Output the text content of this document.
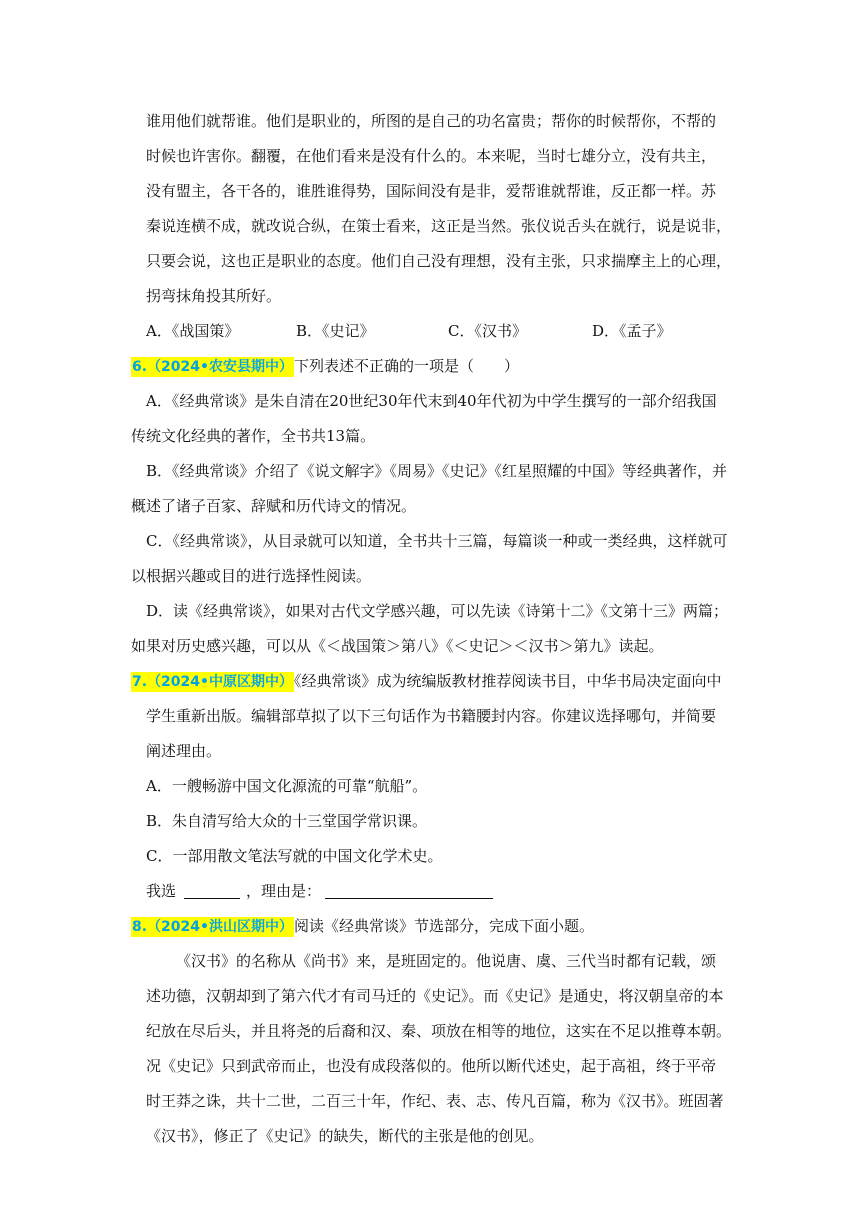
谁用他们就帮谁。他们是职业的，所图的是自己的功名富贵；帮你的时候帮你，不帮的
时候也许害你。翻覆，在他们看来是没有什么的。本来呢，当时七雄分立，没有共主，
没有盟主，各干各的，谁胜谁得势，国际间没有是非，爱帮谁就帮谁，反正都一样。苏
秦说连横不成，就改说合纵，在策士看来，这正是当然。张仪说舌头在就行，说是说非，
只要会说，这也正是职业的态度。他们自己没有理想，没有主张，只求揣摩主上的心理，
拐弯抹角投其所好。
A．《战国策》	B．《史记》	C．《汉书》	D．《孟子》
6.（2024•农安县期中）下列表述不正确的一项是（　　）
A．《经典常谈》是朱自清在20世纪30年代末到40年代初为中学生撰写的一部介绍我国
传统文化经典的著作，全书共13篇。
B．《经典常谈》介绍了《说文解字》《周易》《史记》《红星照耀的中国》等经典著作，并
概述了诸子百家、辞赋和历代诗文的情况。
C．《经典常谈》，从目录就可以知道，全书共十三篇，每篇谈一种或一类经典，这样就可
以根据兴趣或目的进行选择性阅读。
D．读《经典常谈》，如果对古代文学感兴趣，可以先读《诗第十二》《文第十三》两篇；
如果对历史感兴趣，可以从《＜战国策＞第八》《＜史记＞＜汉书＞第九》读起。
7.（2024•中原区期中）《经典常谈》成为统编版教材推荐阅读书目，中华书局决定面向中
学生重新出版。编辑部草拟了以下三句话作为书籍腰封内容。你建议选择哪句，并简要
阐述理由。
A．一艘畅游中国文化源流的可靠“航船”。
B．朱自清写给大众的十三堂国学常识课。
C．一部用散文笔法写就的中国文化学术史。
我选	，理由是：
8.（2024•洪山区期中）阅读《经典常谈》节选部分，完成下面小题。
《汉书》的名称从《尚书》来，是班固定的。他说唐、虞、三代当时都有记载，颂
述功德，汉朝却到了第六代才有司马迁的《史记》。而《史记》是通史，将汉朝皇帝的本
纪放在尽后头，并且将尧的后裔和汉、秦、项放在相等的地位，这实在不足以推尊本朝。
况《史记》只到武帝而止，也没有成段落似的。他所以断代述史，起于高祖，终于平帝
时王莽之诛，共十二世，二百三十年，作纪、表、志、传凡百篇，称为《汉书》。班固著
《汉书》，修正了《史记》的缺失，断代的主张是他的创见。
